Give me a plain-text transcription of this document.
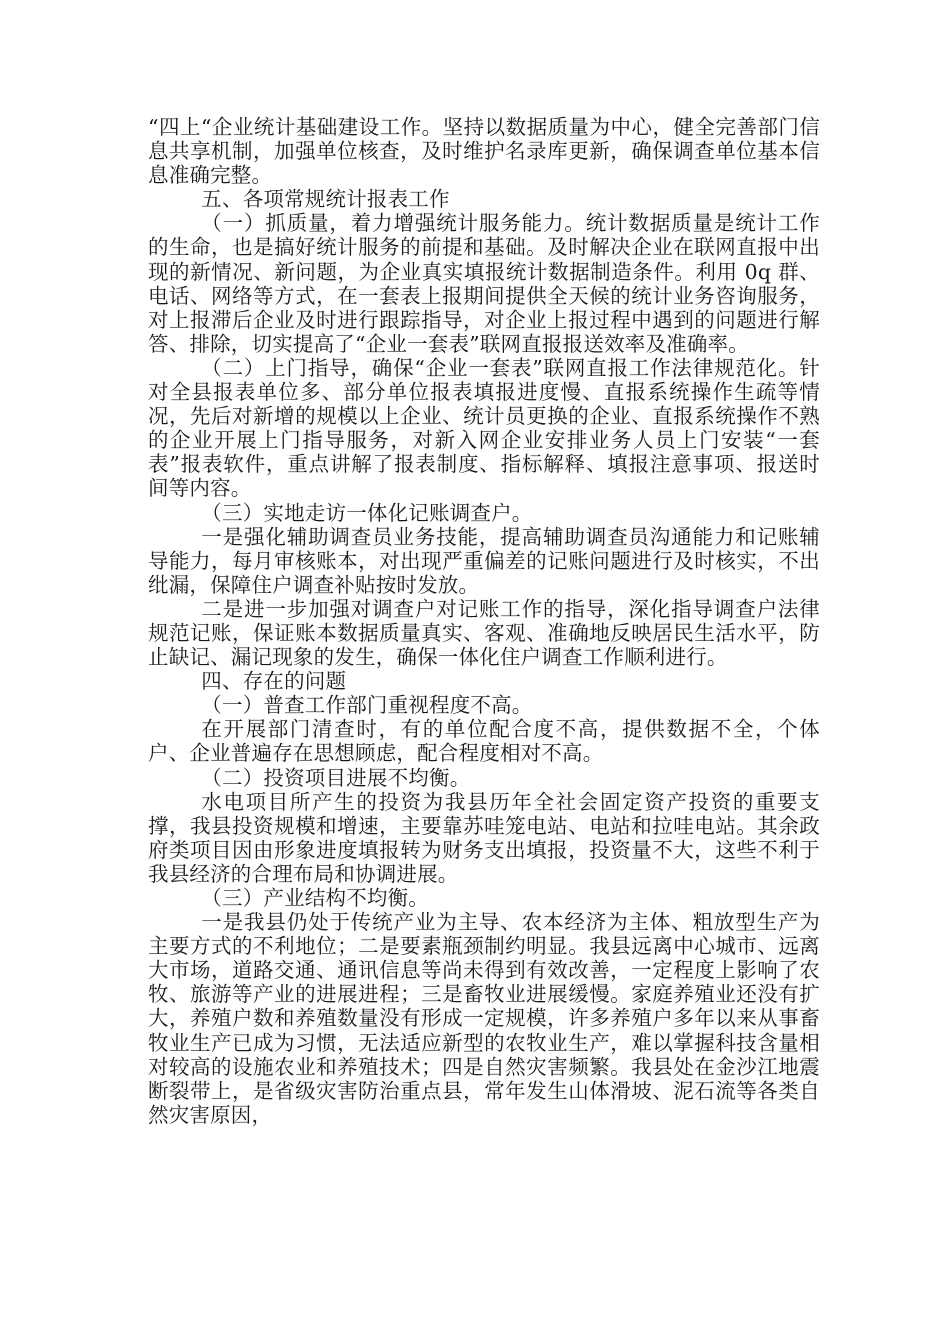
“四上“企业统计基础建设工作。坚持以数据质量为中心，健全完善部门信息共享机制，加强单位核查，及时维护名录库更新，确保调查单位基本信息准确完整。

五、各项常规统计报表工作

（一）抓质量，着力增强统计服务能力。统计数据质量是统计工作的生命，也是搞好统计服务的前提和基础。及时解决企业在联网直报中出现的新情况、新问题，为企业真实填报统计数据制造条件。利用 0q 群、电话、网络等方式，在一套表上报期间提供全天候的统计业务咨询服务，对上报滞后企业及时进行跟踪指导，对企业上报过程中遇到的问题进行解答、排除，切实提高了“企业一套表”联网直报报送效率及准确率。

（二）上门指导，确保“企业一套表”联网直报工作法律规范化。针对全县报表单位多、部分单位报表填报进度慢、直报系统操作生疏等情况，先后对新增的规模以上企业、统计员更换的企业、直报系统操作不熟的企业开展上门指导服务，对新入网企业安排业务人员上门安装“一套表”报表软件，重点讲解了报表制度、指标解释、填报注意事项、报送时间等内容。

（三）实地走访一体化记账调查户。

一是强化辅助调查员业务技能，提高辅助调查员沟通能力和记账辅导能力，每月审核账本，对出现严重偏差的记账问题进行及时核实，不出纰漏，保障住户调查补贴按时发放。

二是进一步加强对调查户对记账工作的指导，深化指导调查户法律规范记账，保证账本数据质量真实、客观、准确地反映居民生活水平，防止缺记、漏记现象的发生，确保一体化住户调查工作顺利进行。

四、存在的问题

（一）普查工作部门重视程度不高。

在开展部门清查时，有的单位配合度不高，提供数据不全，个体户、企业普遍存在思想顾虑，配合程度相对不高。

（二）投资项目进展不均衡。

水电项目所产生的投资为我县历年全社会固定资产投资的重要支撑，我县投资规模和增速，主要靠苏哇笼电站、电站和拉哇电站。其余政府类项目因由形象进度填报转为财务支出填报，投资量不大，这些不利于我县经济的合理布局和协调进展。

（三）产业结构不均衡。

一是我县仍处于传统产业为主导、农本经济为主体、粗放型生产为主要方式的不利地位；二是要素瓶颈制约明显。我县远离中心城市、远离大市场，道路交通、通讯信息等尚未得到有效改善，一定程度上影响了农牧、旅游等产业的进展进程；三是畜牧业进展缓慢。家庭养殖业还没有扩大，养殖户数和养殖数量没有形成一定规模，许多养殖户多年以来从事畜牧业生产已成为习惯，无法适应新型的农牧业生产，难以掌握科技含量相对较高的设施农业和养殖技术；四是自然灾害频繁。我县处在金沙江地震断裂带上，是省级灾害防治重点县，常年发生山体滑坡、泥石流等各类自然灾害原因，
